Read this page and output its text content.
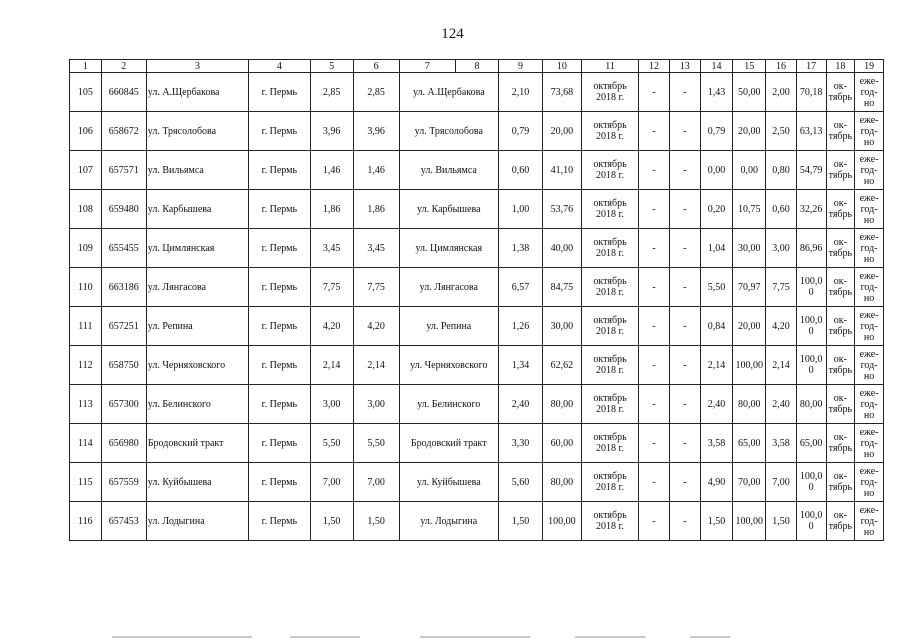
124
1	2	3	4	5	6	7	8	9	10	11	12	13	14	15	16	17	18	19
105	660845	ул. А.Щербакова	г. Пермь	2,85	2,85	ул. А.Щербакова		2,10	73,68	октябрь
2018 г.	-	-	1,43	50,00	2,00	70,18	ок-
тябрь	еже-
год-
но

106	658672	ул. Трясолобова	г. Пермь	3,96	3,96	ул. Трясолобова		0,79	20,00	октябрь
2018 г.	-	-	0,79	20,00	2,50	63,13	ок-
тябрь	еже-
год-
но

107	657571	ул. Вильямса	г. Пермь	1,46	1,46	ул. Вильямса		0,60	41,10	октябрь
2018 г.	-	-	0,00	0,00	0,80	54,79	ок-
тябрь	еже-
год-
но

108	659480	ул. Карбышева	г. Пермь	1,86	1,86	ул. Карбышева		1,00	53,76	октябрь
2018 г.	-	-	0,20	10,75	0,60	32,26	ок-
тябрь	еже-
год-
но

109	655455	ул. Цимлянская	г. Пермь	3,45	3,45	ул. Цимлянская		1,38	40,00	октябрь
2018 г.	-	-	1,04	30,00	3,00	86,96	ок-
тябрь	еже-
год-
но

110	663186	ул. Лянгасова	г. Пермь	7,75	7,75	ул. Лянгасова		6,57	84,75	октябрь
2018 г.	-	-	5,50	70,97	7,75	100,0
0	ок-
тябрь	еже-
год-
но

111	657251	ул. Репина	г. Пермь	4,20	4,20	ул. Репина		1,26	30,00	октябрь
2018 г.	-	-	0,84	20,00	4,20	100,0
0	ок-
тябрь	еже-
год-
но

112	658750	ул. Черняховского	г. Пермь	2,14	2,14	ул. Черняховского		1,34	62,62	октябрь
2018 г.	-	-	2,14	100,00	2,14	100,0
0	ок-
тябрь	еже-
год-
но

113	657300	ул. Белинского	г. Пермь	3,00	3,00	ул. Белинского		2,40	80,00	октябрь
2018 г.	-	-	2,40	80,00	2,40	80,00	ок-
тябрь	еже-
год-
но

114	656980	Бродовский тракт	г. Пермь	5,50	5,50	Бродовский тракт		3,30	60,00	октябрь
2018 г.	-	-	3,58	65,00	3,58	65,00	ок-
тябрь	еже-
год-
но

115	657559	ул. Куйбышева	г. Пермь	7,00	7,00	ул. Куйбышева		5,60	80,00	октябрь
2018 г.	-	-	4,90	70,00	7,00	100,0
0	ок-
тябрь	еже-
год-
но

116	657453	ул. Лодыгина	г. Пермь	1,50	1,50	ул. Лодыгина		1,50	100,00	октябрь
2018 г.	-	-	1,50	100,00	1,50	100,0
0	ок-
тябрь	еже-
год-
но
